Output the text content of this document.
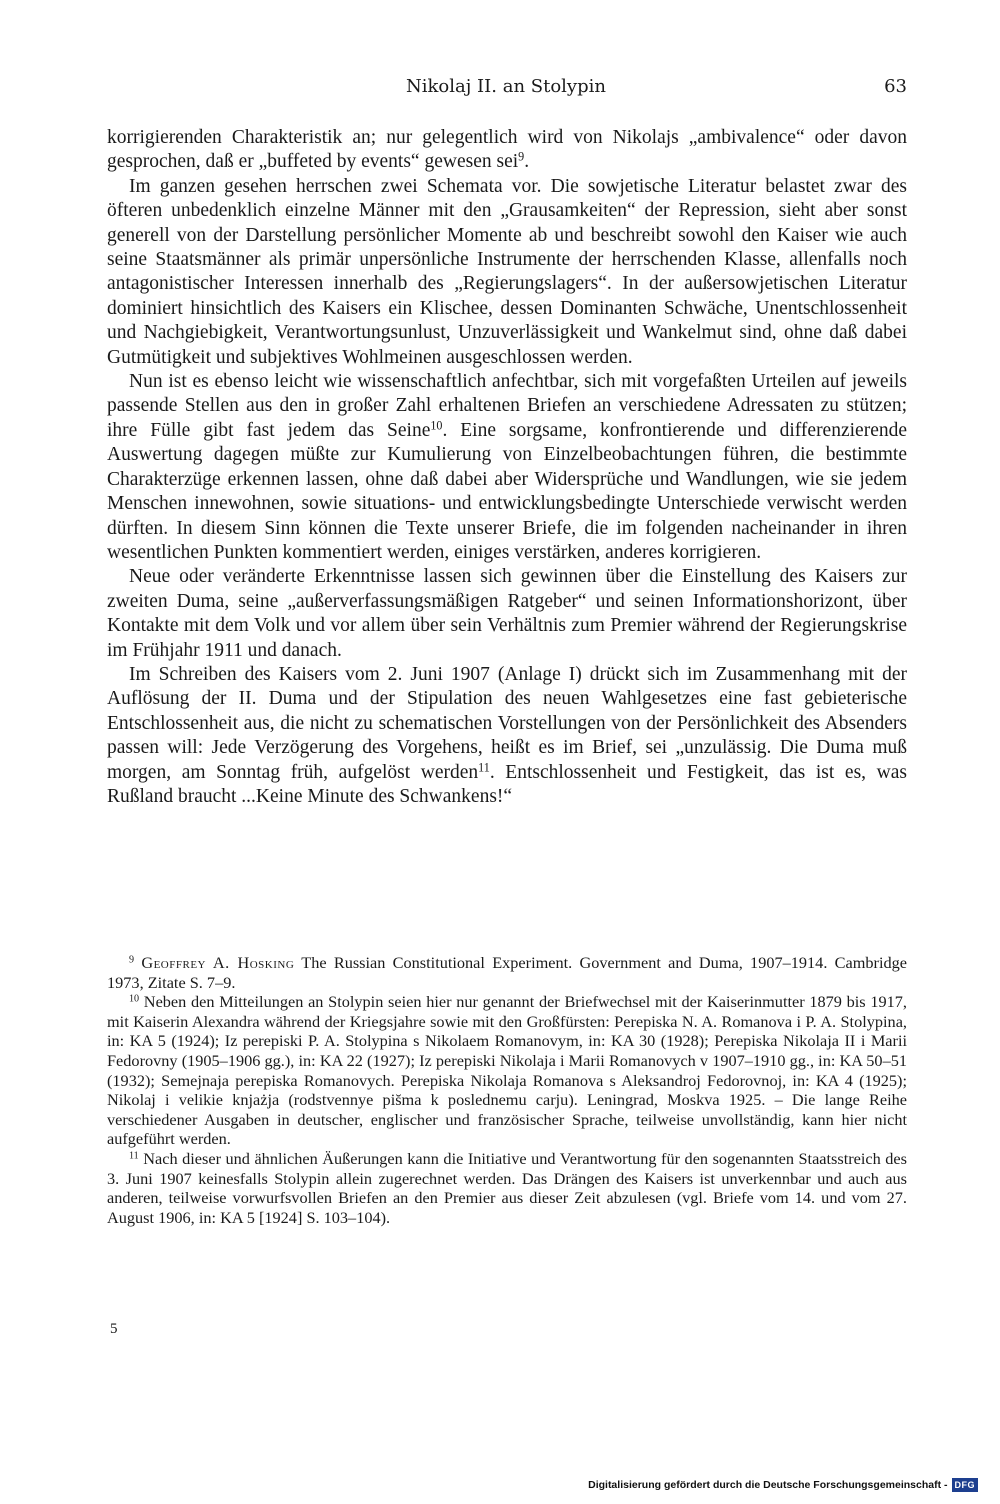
Nikolaj II. an Stolypin	63

korrigierenden Charakteristik an; nur gelegentlich wird von Nikolajs „ambivalence“ oder davon gesprochen, daß er „buffeted by events“ gewesen sei$^9$.

Im ganzen gesehen herrschen zwei Schemata vor. Die sowjetische Literatur belastet zwar des öfteren unbedenklich einzelne Männer mit den „Grausamkeiten“ der Repression, sieht aber sonst generell von der Darstellung persönlicher Momente ab und beschreibt sowohl den Kaiser wie auch seine Staatsmänner als primär unpersönliche Instrumente der herrschenden Klasse, allenfalls noch antagonistischer Interessen innerhalb des „Regierungslagers“. In der außersowjetischen Literatur dominiert hinsichtlich des Kaisers ein Klischee, dessen Dominanten Schwäche, Unentschlossenheit und Nachgiebigkeit, Verantwortungsunlust, Unzuverlässigkeit und Wankelmut sind, ohne daß dabei Gutmütigkeit und subjektives Wohlmeinen ausgeschlossen werden.

Nun ist es ebenso leicht wie wissenschaftlich anfechtbar, sich mit vorgefaßten Urteilen auf jeweils passende Stellen aus den in großer Zahl erhaltenen Briefen an verschiedene Adressaten zu stützen; ihre Fülle gibt fast jedem das Seine$^{10}$. Eine sorgsame, konfrontierende und differenzierende Auswertung dagegen müßte zur Kumulierung von Einzelbeobachtungen führen, die bestimmte Charakterzüge erkennen lassen, ohne daß dabei aber Widersprüche und Wandlungen, wie sie jedem Menschen innewohnen, sowie situations- und entwicklungsbedingte Unterschiede verwischt werden dürften. In diesem Sinn können die Texte unserer Briefe, die im folgenden nacheinander in ihren wesentlichen Punkten kommentiert werden, einiges verstärken, anderes korrigieren.

Neue oder veränderte Erkenntnisse lassen sich gewinnen über die Einstellung des Kaisers zur zweiten Duma, seine „außerverfassungsmäßigen Ratgeber“ und seinen Informationshorizont, über Kontakte mit dem Volk und vor allem über sein Verhältnis zum Premier während der Regierungskrise im Frühjahr 1911 und danach.

Im Schreiben des Kaisers vom 2. Juni 1907 (Anlage I) drückt sich im Zusammenhang mit der Auflösung der II. Duma und der Stipulation des neuen Wahlgesetzes eine fast gebieterische Entschlossenheit aus, die nicht zu schematischen Vorstellungen von der Persönlichkeit des Absenders passen will: Jede Verzögerung des Vorgehens, heißt es im Brief, sei „unzulässig. Die Duma muß morgen, am Sonntag früh, aufgelöst werden$^{11}$. Entschlossenheit und Festigkeit, das ist es, was Rußland braucht ...Keine Minute des Schwankens!“

$^9$ Geoffrey A. Hosking The Russian Constitutional Experiment. Government and Duma, 1907–1914. Cambridge 1973, Zitate S. 7–9.

$^{10}$ Neben den Mitteilungen an Stolypin seien hier nur genannt der Briefwechsel mit der Kaiserinmutter 1879 bis 1917, mit Kaiserin Alexandra während der Kriegsjahre sowie mit den Großfürsten: Perepiska N. A. Romanova i P. A. Stolypina, in: KA 5 (1924); Iz perepiski P. A. Stolypina s Nikolaem Romanovym, in: KA 30 (1928); Perepiska Nikolaja II i Marii Fedorovny (1905–1906 gg.), in: KA 22 (1927); Iz perepiski Nikolaja i Marii Romanovych v 1907–1910 gg., in: KA 50–51 (1932); Semejnaja perepiska Romanovych. Perepiska Nikolaja Romanova s Aleksandroj Fedorovnoj, in: KA 4 (1925); Nikolaj i velikie knjażja (rodstvennye pis̆ma k poslednemu carju). Leningrad, Moskva 1925. – Die lange Reihe verschiedener Ausgaben in deutscher, englischer und französischer Sprache, teilweise unvollständig, kann hier nicht aufgeführt werden.

$^{11}$ Nach dieser und ähnlichen Äußerungen kann die Initiative und Verantwortung für den sogenannten Staatsstreich des 3. Juni 1907 keinesfalls Stolypin allein zugerechnet werden. Das Drängen des Kaisers ist unverkennbar und auch aus anderen, teilweise vorwurfsvollen Briefen an den Premier aus dieser Zeit abzulesen (vgl. Briefe vom 14. und vom 27. August 1906, in: KA 5 [1924] S. 103–104).

5
Digitalisierung gefördert durch die Deutsche Forschungsgemeinschaft - DFG
